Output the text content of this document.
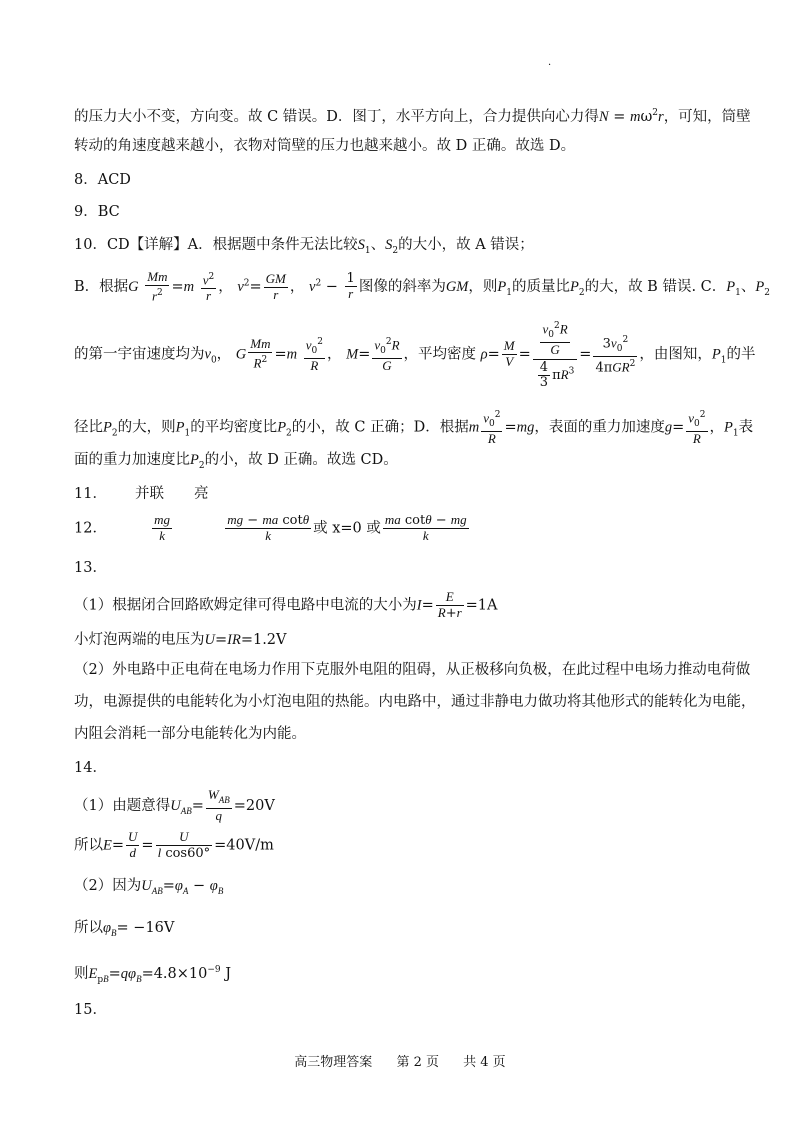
·
的压力大小不变，方向变。故 C 错误。D．图丁，水平方向上，合力提供向心力得$N = m\omega^2r$，可知，筒壁
转动的角速度越来越小，衣物对筒壁的压力也越来越小。故 D 正确。故选 D。
8．ACD
9．BC
10．CD【详解】A．根据题中条件无法比较$S_1$、$S_2$的大小，故 A 错误；
B．根据G $\frac{Mm}{r^2} =m \frac{v^2}{r}$ ， $v^2= \frac{GM}{r}$ ， $v^2 - \frac{1}{r}$ 图像的斜率为GM，则$P_1$的质量比$P_2$的大，故 B 错误. C．$P_1$、$P_2$
的第一宇宙速度均为$v_0$， G $\frac{Mm}{R^2} =m \frac{v_0^2}{R}$ ， $M= \frac{v_0^2R}{G}$ ，平均密度 $\rho= \frac{M}{V} = \frac{\frac{v_0^2R}{G}}{\frac{4}{3} \pi R^3} = \frac{3v_0^2}{4\pi GR^2}$ ，由图知，$P_1$的半
径比$P_2$的大，则$P_1$的平均密度比$P_2$的小，故 C 正确；D．根据m $\frac{v_0^2}{R} =mg$，表面的重力加速度$g= \frac{v_0^2}{R}$ ，$P_1$表
面的重力加速度比$P_2$的小，故 D 正确。故选 CD。
11． 并联 亮
12．	$\frac{mg}{k}$
	$\frac{\text{mg − ma cotθ}}{k}$ 或 x=0 或 $\frac{\text{ma cotθ − mg}}{k}$
13．
（1）根据闭合回路欧姆定律可得电路中电流的大小为$I= \frac{E}{R+r} =1A$
小灯泡两端的电压为U=IR=1.2V
（2）外电路中正电荷在电场力作用下克服外电阻的阻碍，从正极移向负极，在此过程中电场力推动电荷做
功，电源提供的电能转化为小灯泡电阻的热能。内电路中，通过非静电力做功将其他形式的能转化为电能，
内阻会消耗一部分电能转化为内能。
14．
（1）由题意得$U_{AB}= \frac{W_{AB}}{q} =20V$
所以$E= \frac{U}{d} = \frac{U}{\text{l cos60°}} =40V/m$
（2）因为$U_{AB}=\varphi_A - \varphi_B$
所以$\varphi_B= -16V$
则$E_{pB}=q\varphi_B=4.8\times 10^{-9}$ J
15．
高三物理答案 第 2 页 共 4 页
